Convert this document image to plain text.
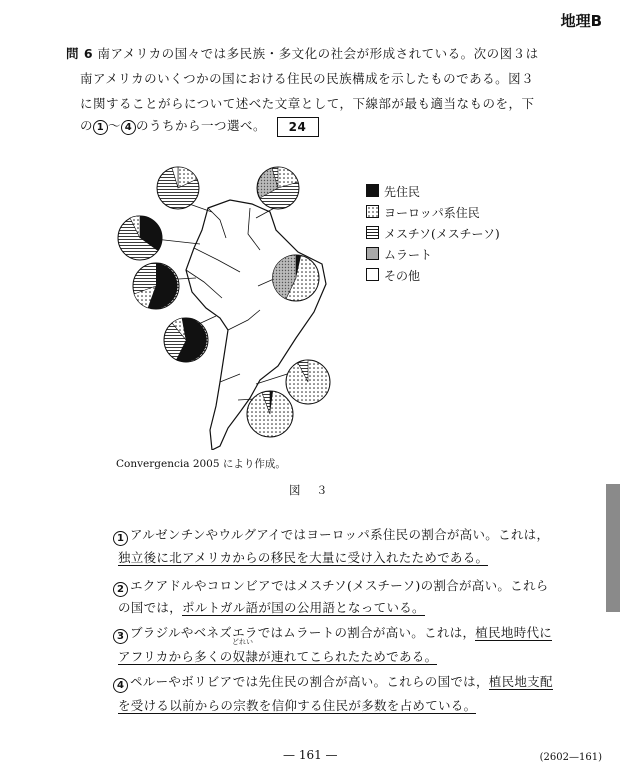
地理B
問 6 南アメリカの国々では多民族・多文化の社会が形成されている。次の図３は
南アメリカのいくつかの国における住民の民族構成を示したものである。図３
に関することがらについて述べた文章として，下線部が最も適当なものを，下
の 1 ～ 4 のうちから一つ選べ。 24
先住民
ヨーロッパ系住民
メスチソ(メスチーソ)
ムラート
その他
Convergencia 2005 により作成。
図　３
1 アルゼンチンやウルグアイではヨーロッパ系住民の割合が高い。これは，
独立後に北アメリカからの移民を大量に受け入れたためである。
2 エクアドルやコロンビアではメスチソ(メスチーソ)の割合が高い。これら
の国では，ポルトガル語が国の公用語となっている。
3 ブラジルやベネズエラではムラートの割合が高い。これは，植民地時代に
どれい
アフリカから多くの奴隷が連れてこられたためである。
4 ペルーやボリビアでは先住民の割合が高い。これらの国では，植民地支配
を受ける以前からの宗教を信仰する住民が多数を占めている。
— 161 —	(2602—161)
